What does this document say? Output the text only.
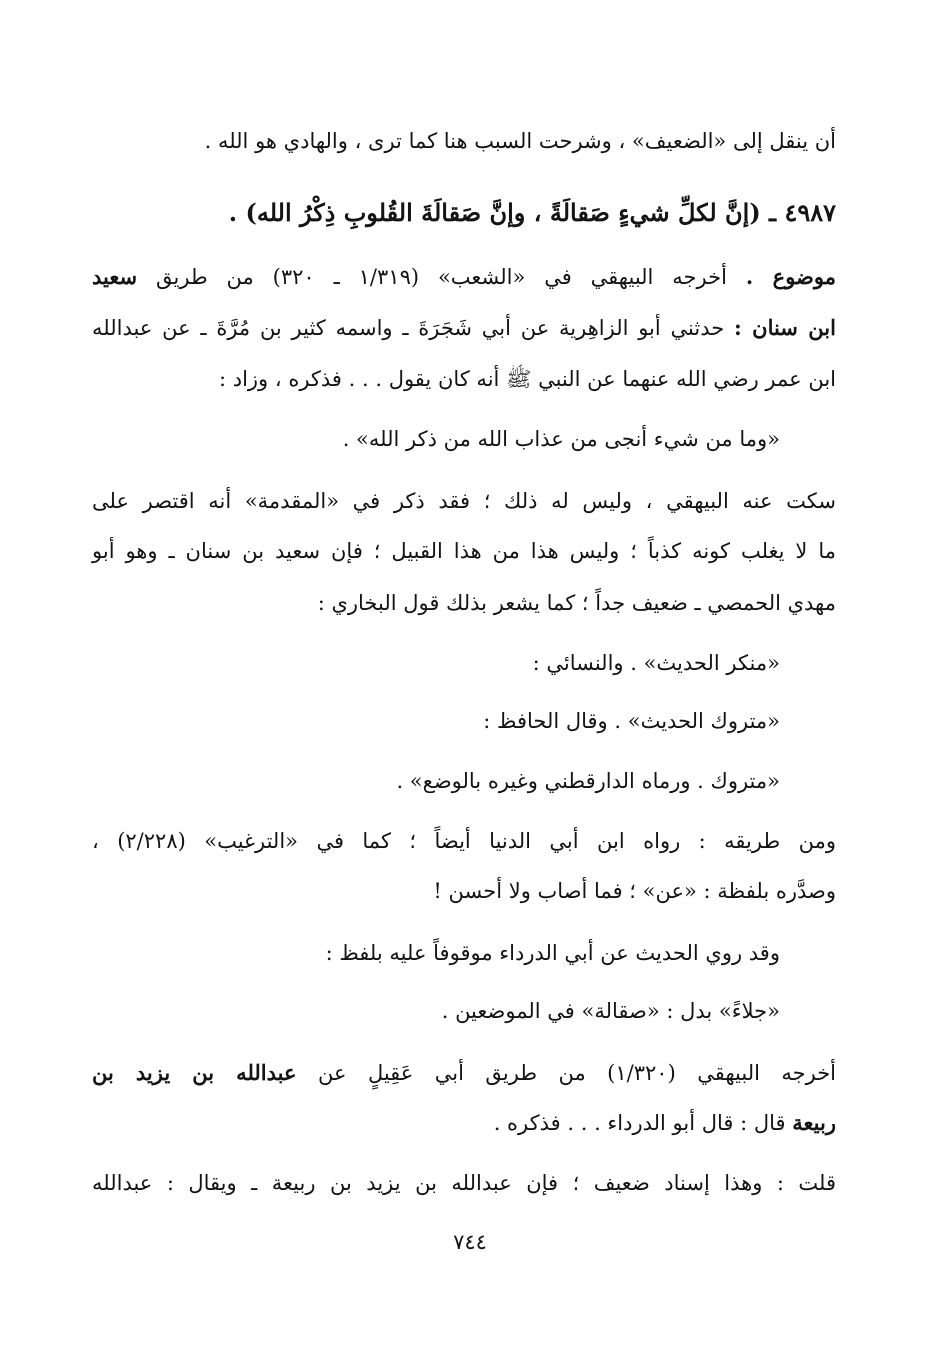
أن ينقل إلى «الضعيف» ، وشرحت السبب هنا كما ترى ، والهادي هو الله .
٤٩٨٧ ـ (إنَّ لكلِّ شيءٍ صَقالَةً ، وإنَّ صَقالَةَ القُلوبِ ذِكْرُ الله) .
موضوع . أخرجه البيهقي في «الشعب» (١/٣١٩ ـ ٣٢٠) من طريق سعيد
ابن سنان : حدثني أبو الزاهِرية عن أبي شَجَرَةَ ـ واسمه كثير بن مُرَّةَ ـ عن عبدالله
ابن عمر رضي الله عنهما عن النبي ﷺ أنه كان يقول . . . فذكره ، وزاد :
«وما من شيء أنجى من عذاب الله من ذكر الله» .
سكت عنه البيهقي ، وليس له ذلك ؛ فقد ذكر في «المقدمة» أنه اقتصر على
ما لا يغلب كونه كذباً ؛ وليس هذا من هذا القبيل ؛ فإن سعيد بن سنان ـ وهو أبو
مهدي الحمصي ـ ضعيف جداً ؛ كما يشعر بذلك قول البخاري :
«منكر الحديث» . والنسائي :
«متروك الحديث» . وقال الحافظ :
«متروك . ورماه الدارقطني وغيره بالوضع» .
ومن طريقه : رواه ابن أبي الدنيا أيضاً ؛ كما في «الترغيب» (٢/٢٢٨) ،
وصدَّره بلفظة : «عن» ؛ فما أصاب ولا أحسن !
وقد روي الحديث عن أبي الدرداء موقوفاً عليه بلفظ :
«جلاءً» بدل : «صقالة» في الموضعين .
أخرجه البيهقي (١/٣٢٠) من طريق أبي عَقِيلٍ عن عبدالله بن يزيد بن
ربيعة قال : قال أبو الدرداء . . . فذكره .
قلت : وهذا إسناد ضعيف ؛ فإن عبدالله بن يزيد بن ربيعة ـ ويقال : عبدالله
٧٤٤
